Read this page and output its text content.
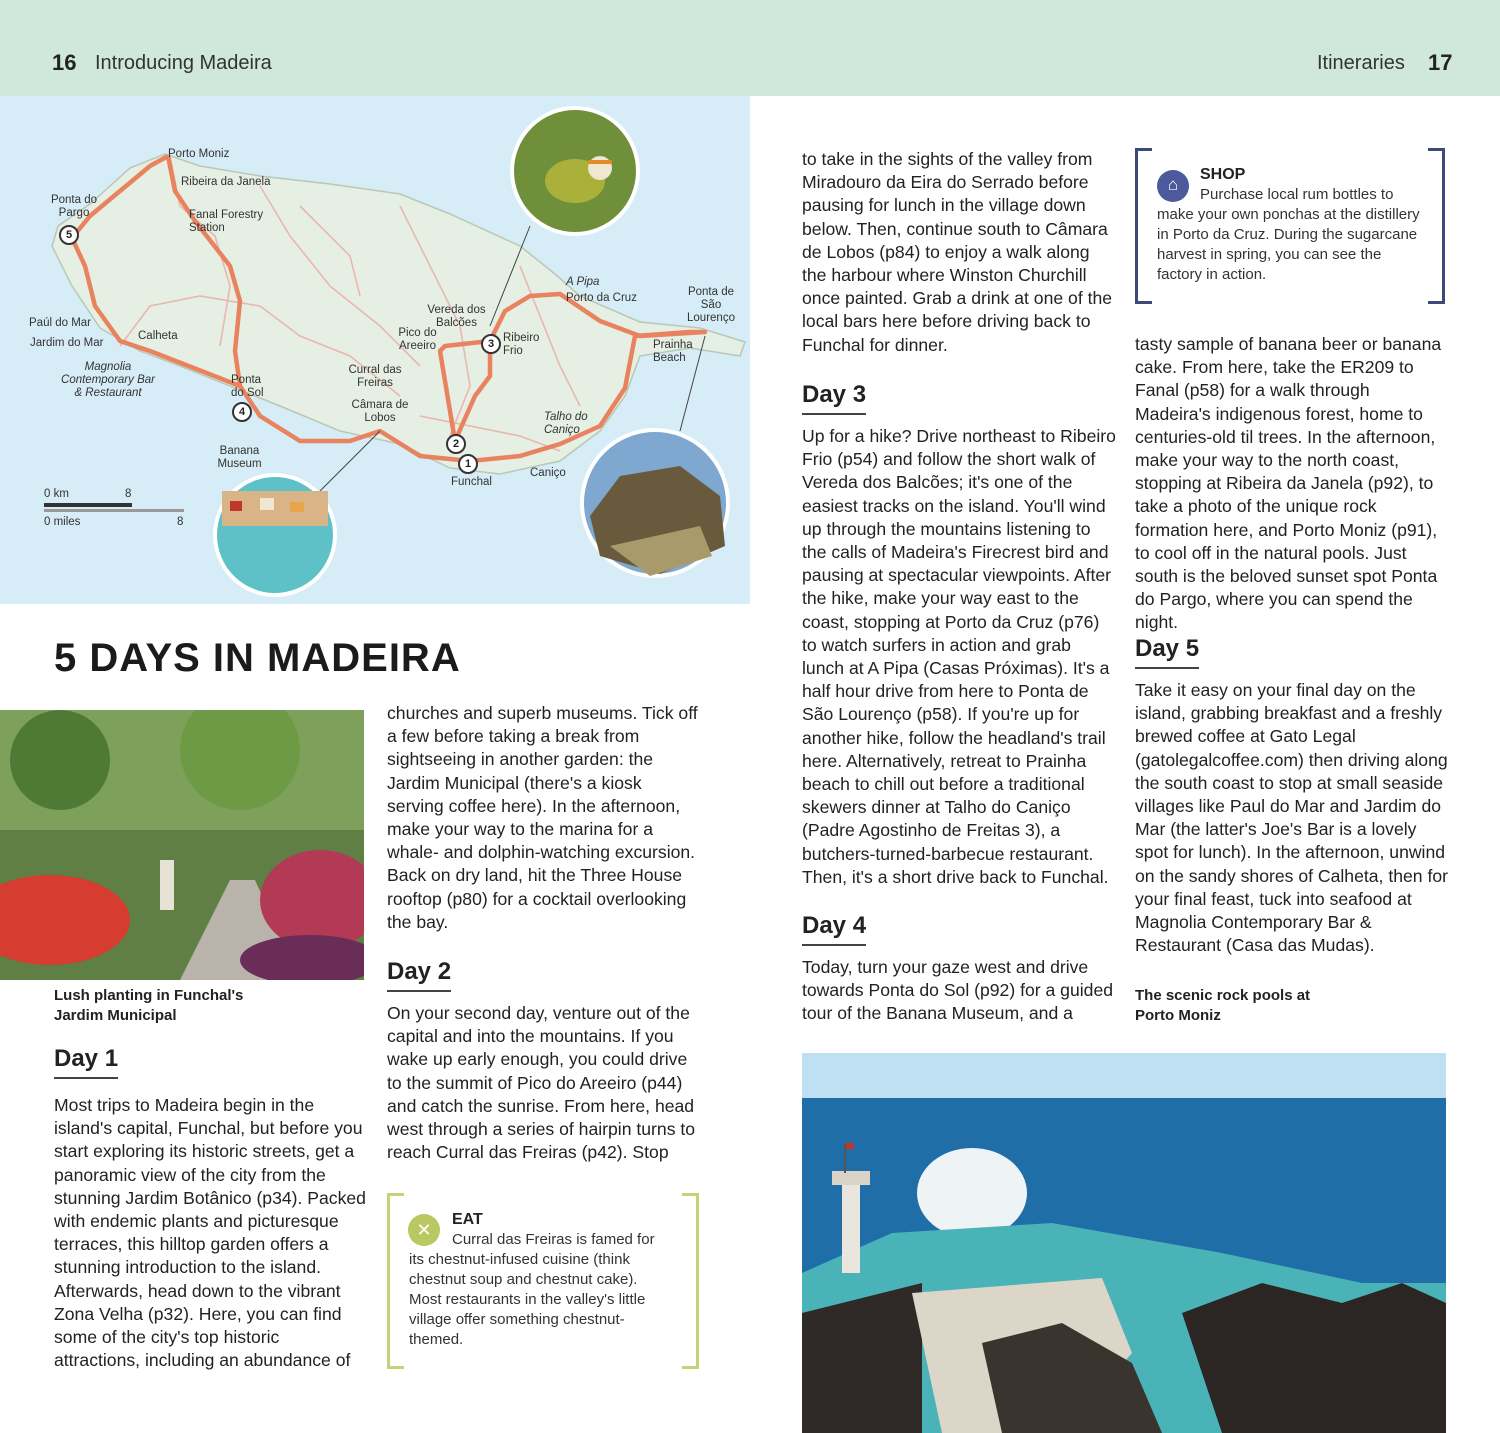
16 Introducing Madeira	Itineraries 17
Porto Moniz
Ribeira da Janela
Ponta do Pargo	Fanal Forestry Station
Paúl do Mar
Jardim do Mar
Calheta
Magnolia Contemporary Bar & Restaurant
Ponta do Sol
Banana Museum
Câmara de Lobos
Curral das Freiras
Pico do Areeiro
Vereda dos Balcões
Ribeiro Frio
A Pipa
Porto da Cruz	Ponta de São Lourenço
Prainha Beach
Talho do Caniço
Caniço
Funchal
1
2
3
4
5
0 km	8
0 miles	8
5 DAYS IN MADEIRA
Lush planting in Funchal's Jardim Municipal
Day 1

Most trips to Madeira begin in the island's capital, Funchal, but before you start exploring its historic streets, get a panoramic view of the city from the stunning Jardim Botânico (p34). Packed with endemic plants and picturesque terraces, this hilltop garden offers a stunning introduction to the island. Afterwards, head down to the vibrant Zona Velha (p32). Here, you can find some of the city's top historic attractions, including an abundance of

churches and superb museums. Tick off a few before taking a break from sightseeing in another garden: the Jardim Municipal (there's a kiosk serving coffee here). In the afternoon, make your way to the marina for a whale- and dolphin-watching excursion. Back on dry land, hit the Three House rooftop (p80) for a cocktail overlooking the bay.

Day 2

On your second day, venture out of the capital and into the mountains. If you wake up early enough, you could drive to the summit of Pico do Areeiro (p44) and catch the sunrise. From here, head west through a series of hairpin turns to reach Curral das Freiras (p42). Stop

to take in the sights of the valley from Miradouro da Eira do Serrado before pausing for lunch in the village down below. Then, continue south to Câmara de Lobos (p84) to enjoy a walk along the harbour where Winston Churchill once painted. Grab a drink at one of the local bars here before driving back to Funchal for dinner.

✕
EAT
Curral das Freiras is famed for its chestnut-infused cuisine (think chestnut soup and chestnut cake). Most restaurants in the valley's little village offer something chestnut-themed.
Day 3

Up for a hike? Drive northeast to Ribeiro Frio (p54) and follow the short walk of Vereda dos Balcões; it's one of the easiest tracks on the island. You'll wind up through the mountains listening to the calls of Madeira's Firecrest bird and pausing at spectacular viewpoints. After the hike, make your way east to the coast, stopping at Porto da Cruz (p76) to watch surfers in action and grab lunch at A Pipa (Casas Próximas). It's a half hour drive from here to Ponta de São Lourenço (p58). If you're up for another hike, follow the headland's trail here. Alternatively, retreat to Prainha beach to chill out before a traditional skewers dinner at Talho do Caniço (Padre Agostinho de Freitas 3), a butchers-turned-barbecue restaurant. Then, it's a short drive back to Funchal.

Day 4

Today, turn your gaze west and drive towards Ponta do Sol (p92) for a guided tour of the Banana Museum, and a

tasty sample of banana beer or banana cake. From here, take the ER209 to Fanal (p58) for a walk through Madeira's indigenous forest, home to centuries-old til trees. In the afternoon, make your way to the north coast, stopping at Ribeira da Janela (p92), to take a photo of the unique rock formation here, and Porto Moniz (p91), to cool off in the natural pools. Just south is the beloved sunset spot Ponta do Pargo, where you can spend the night.

⌂
SHOP
Purchase local rum bottles to make your own ponchas at the distillery in Porto da Cruz. During the sugarcane harvest in spring, you can see the factory in action.
Day 5

Take it easy on your final day on the island, grabbing breakfast and a freshly brewed coffee at Gato Legal (gatolegalcoffee.com) then driving along the south coast to stop at small seaside villages like Paul do Mar and Jardim do Mar (the latter's Joe's Bar is a lovely spot for lunch). In the afternoon, unwind on the sandy shores of Calheta, then for your final feast, tuck into seafood at Magnolia Contemporary Bar & Restaurant (Casa das Mudas).

The scenic rock pools at Porto Moniz
